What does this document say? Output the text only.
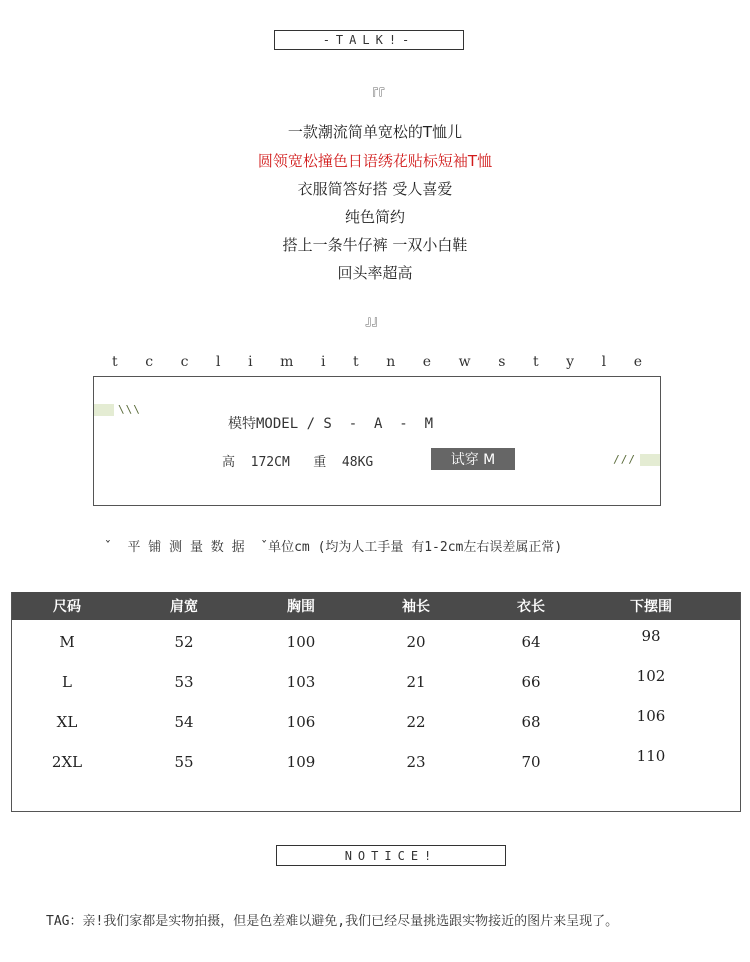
-TALK!-
『『
一款潮流简单宽松的T恤儿
圆领宽松撞色日语绣花贴标短袖T恤
衣服简答好搭 受人喜爱
纯色简约
搭上一条牛仔裤 一双小白鞋
回头率超高
』』
t c c l i m i t n e w s t y l e
\\\
模特MODEL / S  -  A  -  M
高  172CM   重  48KG	试穿 M	///
ˇ  平 铺 测 量 数 据  ˇ单位cm (均为人工手量 有1-2cm左右误差属正常)
尺码	肩宽	胸围	袖长	衣长	下摆围
M	52	100	20	64	98
L	53	103	21	66	102
XL	54	106	22	68	106
2XL	55	109	23	70	110
NOTICE!
TAG：亲!我们家都是实物拍摄，但是色差难以避免,我们已经尽量挑选跟实物接近的图片来呈现了。
